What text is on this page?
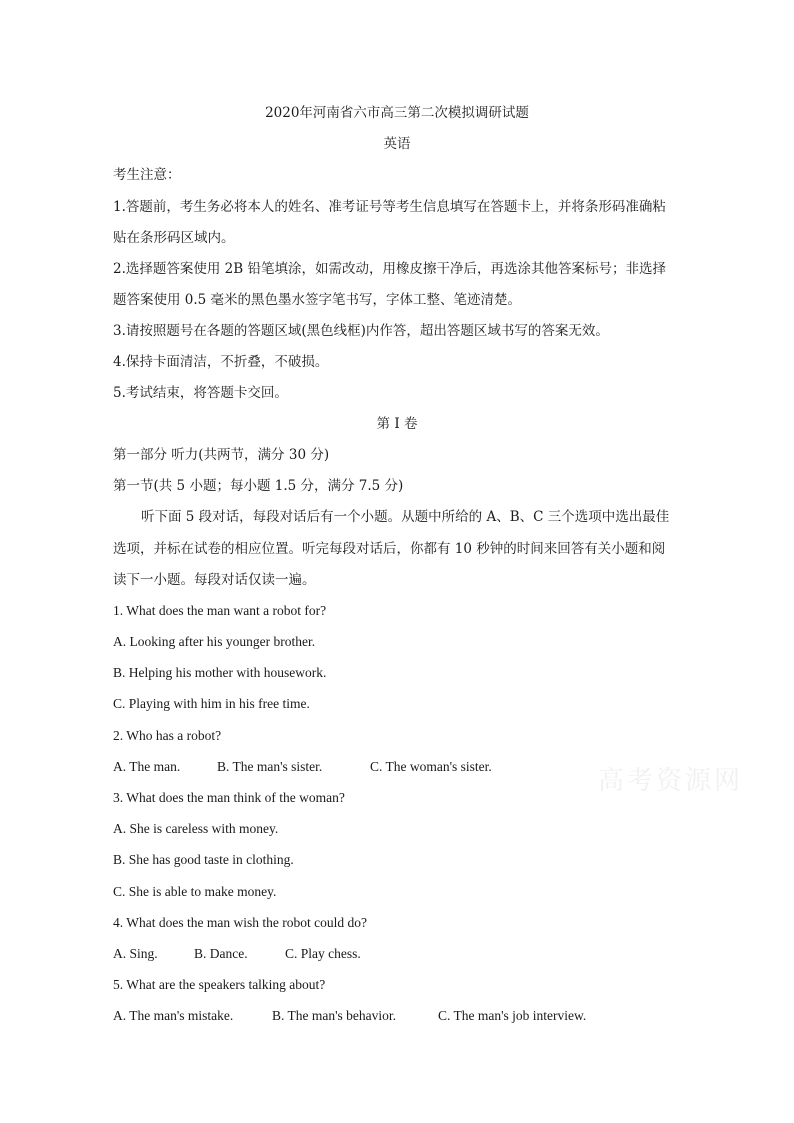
2020年河南省六市高三第二次模拟调研试题
英语
考生注意：
1.答题前，考生务必将本人的姓名、准考证号等考生信息填写在答题卡上，并将条形码准确粘
贴在条形码区域内。
2.选择题答案使用 2B 铅笔填涂，如需改动，用橡皮擦干净后，再选涂其他答案标号；非选择
题答案使用 0.5 毫米的黑色墨水签字笔书写，字体工整、笔迹清楚。
3.请按照题号在各题的答题区域(黑色线框)内作答，超出答题区域书写的答案无效。
4.保持卡面清洁，不折叠，不破损。
5.考试结束，将答题卡交回。
第 I 卷
第一部分 听力(共两节，满分 30 分)
第一节(共 5 小题；每小题 1.5 分，满分 7.5 分)
听下面 5 段对话，每段对话后有一个小题。从题中所给的 A、B、C 三个选项中选出最佳
选项，并标在试卷的相应位置。听完每段对话后，你都有 10 秒钟的时间来回答有关小题和阅
读下一小题。每段对话仅读一遍。
1. What does the man want a robot for?
A. Looking after his younger brother.
B. Helping his mother with housework.
C. Playing with him in his free time.
2. Who has a robot?
A. The man.	B. The man's sister.	C. The woman's sister.
3. What does the man think of the woman?
A. She is careless with money.
B. She has good taste in clothing.
C. She is able to make money.
4. What does the man wish the robot could do?
A. Sing.	B. Dance.	C. Play chess.
5. What are the speakers talking about?
A. The man's mistake.	B. The man's behavior.	C. The man's job interview.
高考资源网
